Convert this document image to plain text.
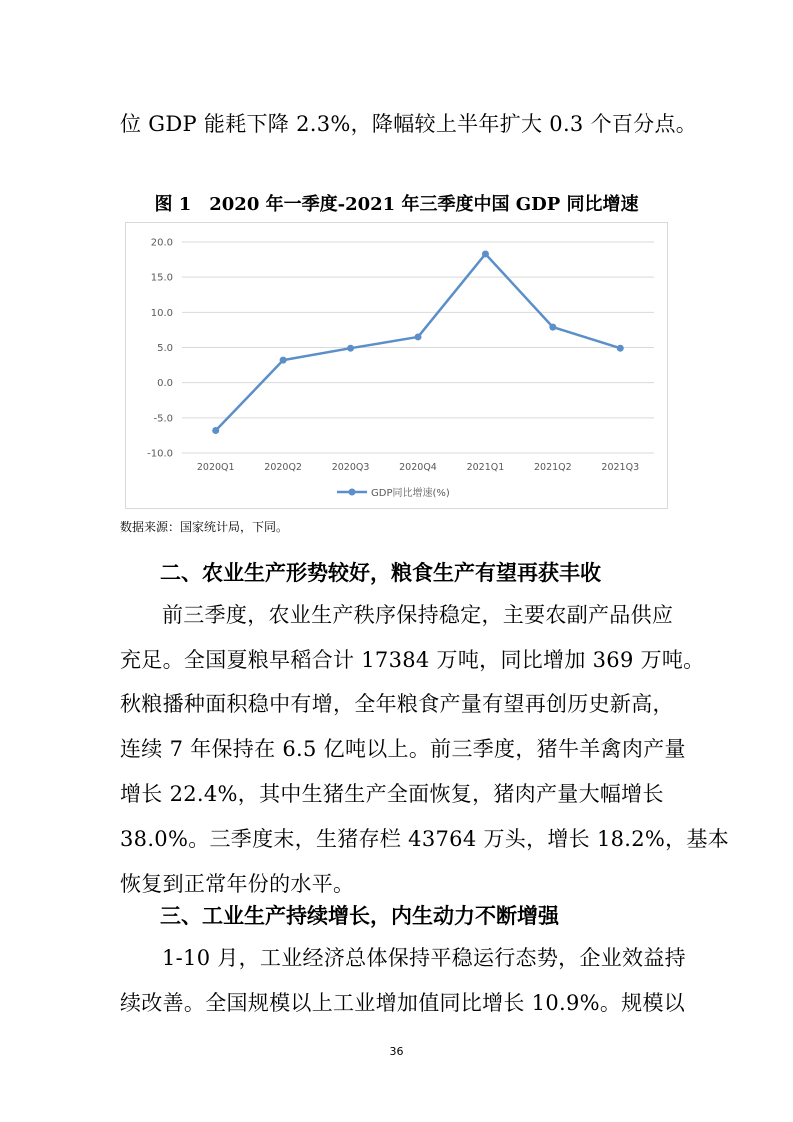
位 GDP 能耗下降 2.3%，降幅较上半年扩大 0.3 个百分点。
图 1　2020 年一季度-2021 年三季度中国 GDP 同比增速
20.0
15.0
10.0
5.0
0.0
-5.0
-10.0
2020Q1	2020Q2	2020Q3	2020Q4	2021Q1	2021Q2	2021Q3
GDP同比增速(%)
数据来源：国家统计局，下同。
二、农业生产形势较好，粮食生产有望再获丰收
前三季度，农业生产秩序保持稳定，主要农副产品供应
充足。全国夏粮早稻合计 17384 万吨，同比增加 369 万吨。
秋粮播种面积稳中有增，全年粮食产量有望再创历史新高，
连续 7 年保持在 6.5 亿吨以上。前三季度，猪牛羊禽肉产量
增长 22.4%，其中生猪生产全面恢复，猪肉产量大幅增长
38.0%。三季度末，生猪存栏 43764 万头，增长 18.2%，基本
恢复到正常年份的水平。
三、工业生产持续增长，内生动力不断增强
1-10 月，工业经济总体保持平稳运行态势，企业效益持
续改善。全国规模以上工业增加值同比增长 10.9%。规模以
36
